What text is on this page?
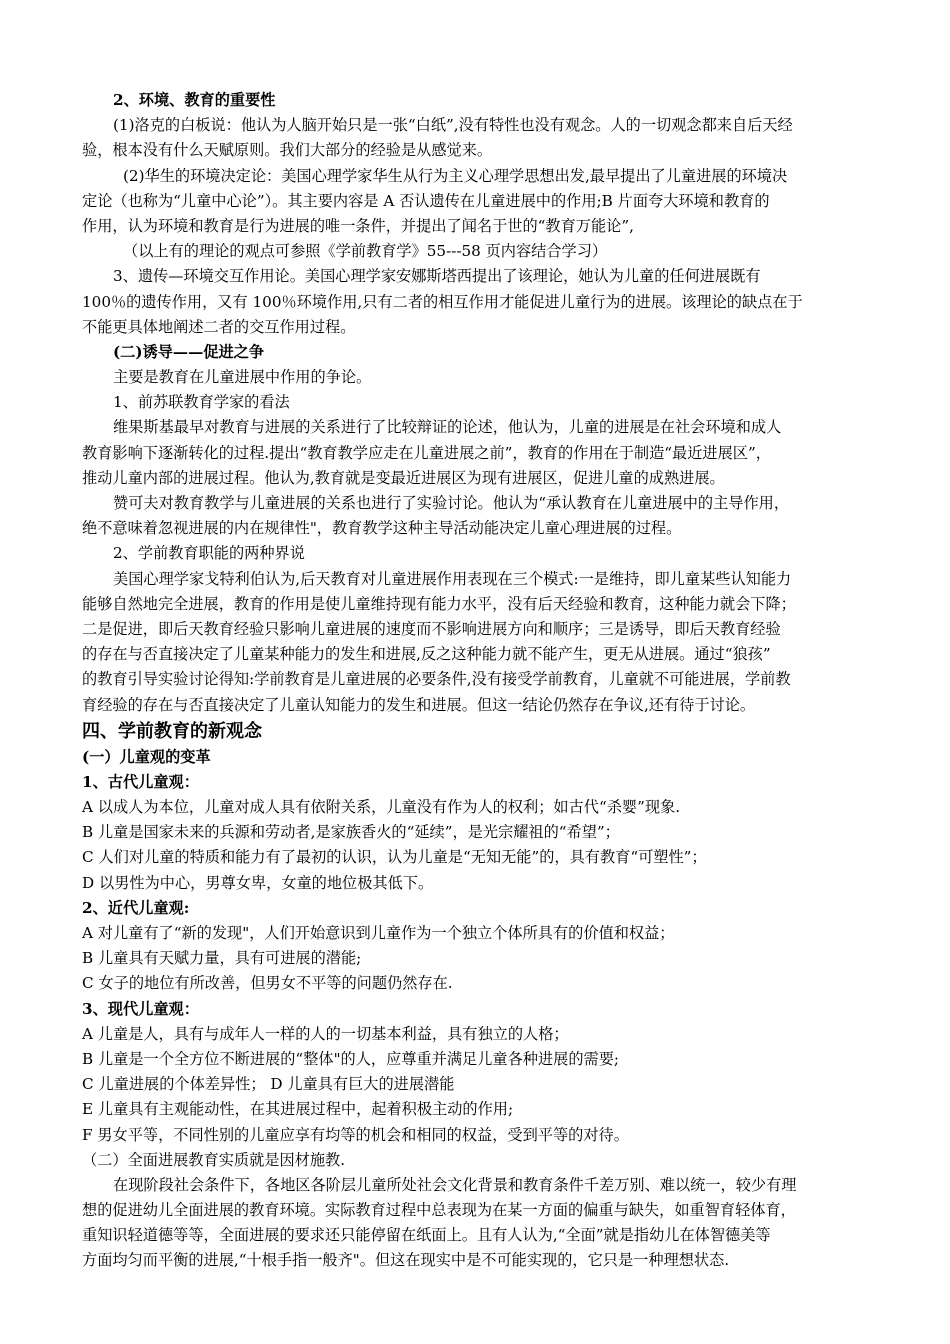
2、环境、教育的重要性
(1)洛克的白板说：他认为人脑开始只是一张“白纸”,没有特性也没有观念。人的一切观念都来自后天经
验，根本没有什么天赋原则。我们大部分的经验是从感觉来。
(2)华生的环境决定论：美国心理学家华生从行为主义心理学思想出发,最早提出了儿童进展的环境决
定论（也称为“儿童中心论”）。其主要内容是 A 否认遗传在儿童进展中的作用;B 片面夸大环境和教育的
作用，认为环境和教育是行为进展的唯一条件，并提出了闻名于世的“教育万能论”,
（以上有的理论的观点可参照《学前教育学》55---58 页内容结合学习）
3、遗传—环境交互作用论。美国心理学家安娜斯塔西提出了该理论，她认为儿童的任何进展既有
100％的遗传作用，又有 100％环境作用,只有二者的相互作用才能促进儿童行为的进展。该理论的缺点在于
不能更具体地阐述二者的交互作用过程。
(二)诱导——促进之争
主要是教育在儿童进展中作用的争论。
1、前苏联教育学家的看法
维果斯基最早对教育与进展的关系进行了比较辩证的论述，他认为，儿童的进展是在社会环境和成人
教育影响下逐渐转化的过程.提出“教育教学应走在儿童进展之前”，教育的作用在于制造“最近进展区”，
推动儿童内部的进展过程。他认为,教育就是变最近进展区为现有进展区，促进儿童的成熟进展。
赞可夫对教育教学与儿童进展的关系也进行了实验讨论。他认为“承认教育在儿童进展中的主导作用，
绝不意味着忽视进展的内在规律性"，教育教学这种主导活动能决定儿童心理进展的过程。
2、学前教育职能的两种界说
美国心理学家戈特利伯认为,后天教育对儿童进展作用表现在三个模式:一是维持，即儿童某些认知能力
能够自然地完全进展，教育的作用是使儿童维持现有能力水平，没有后天经验和教育，这种能力就会下降；
二是促进，即后天教育经验只影响儿童进展的速度而不影响进展方向和顺序；三是诱导，即后天教育经验
的存在与否直接决定了儿童某种能力的发生和进展,反之这种能力就不能产生，更无从进展。通过“狼孩”
的教育引导实验讨论得知:学前教育是儿童进展的必要条件,没有接受学前教育，儿童就不可能进展，学前教
育经验的存在与否直接决定了儿童认知能力的发生和进展。但这一结论仍然存在争议,还有待于讨论。
四、学前教育的新观念
(一）儿童观的变革
1、古代儿童观：
A 以成人为本位，儿童对成人具有依附关系，儿童没有作为人的权利；如古代“杀婴”现象.
B 儿童是国家未来的兵源和劳动者,是家族香火的“延续”，是光宗耀祖的“希望”；
C 人们对儿童的特质和能力有了最初的认识，认为儿童是“无知无能”的，具有教育“可塑性”；
D 以男性为中心，男尊女卑，女童的地位极其低下。
2、近代儿童观:
A 对儿童有了“新的发现"，人们开始意识到儿童作为一个独立个体所具有的价值和权益；
B 儿童具有天赋力量，具有可进展的潜能;
C 女子的地位有所改善，但男女不平等的问题仍然存在.
3、现代儿童观：
A 儿童是人，具有与成年人一样的人的一切基本利益，具有独立的人格；
B 儿童是一个全方位不断进展的“整体"的人，应尊重并满足儿童各种进展的需要;
C 儿童进展的个体差异性； D 儿童具有巨大的进展潜能
E 儿童具有主观能动性，在其进展过程中，起着积极主动的作用;
F 男女平等，不同性别的儿童应享有均等的机会和相同的权益，受到平等的对待。
（二）全面进展教育实质就是因材施教.
在现阶段社会条件下，各地区各阶层儿童所处社会文化背景和教育条件千差万别、难以统一，较少有理
想的促进幼儿全面进展的教育环境。实际教育过程中总表现为在某一方面的偏重与缺失，如重智育轻体育，
重知识轻道德等等，全面进展的要求还只能停留在纸面上。且有人认为,“全面”就是指幼儿在体智德美等
方面均匀而平衡的进展,“十根手指一般齐"。但这在现实中是不可能实现的，它只是一种理想状态.
